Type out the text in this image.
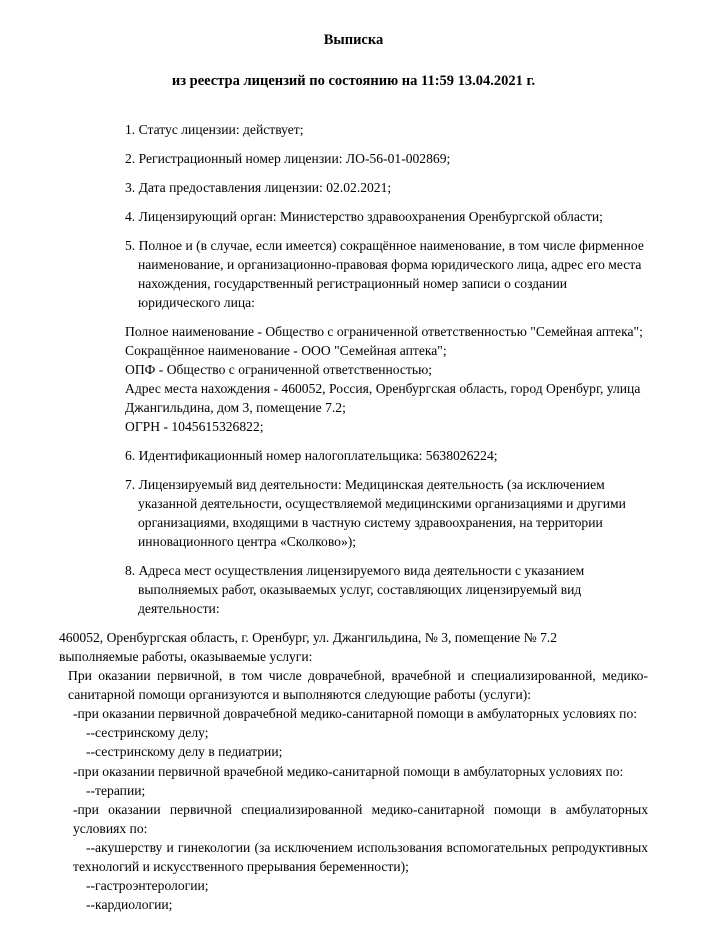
Выписка
из реестра лицензий по состоянию на 11:59 13.04.2021 г.

1. Статус лицензии: действует;

2. Регистрационный номер лицензии: ЛО-56-01-002869;

3. Дата предоставления лицензии: 02.02.2021;

4. Лицензирующий орган: Министерство здравоохранения Оренбургской области;

5. Полное и (в случае, если имеется) сокращённое наименование, в том числе фирменное наименование, и организационно-правовая форма юридического лица, адрес его места нахождения, государственный регистрационный номер записи о создании юридического лица:

Полное наименование - Общество с ограниченной ответственностью "Семейная аптека";

Сокращённое наименование - ООО "Семейная аптека";

ОПФ - Общество с ограниченной ответственностью;

Адрес места нахождения - 460052, Россия, Оренбургская область, город Оренбург, улица Джангильдина, дом 3, помещение 7.2;

ОГРН - 1045615326822;

6. Идентификационный номер налогоплательщика: 5638026224;

7. Лицензируемый вид деятельности: Медицинская деятельность (за исключением указанной деятельности, осуществляемой медицинскими организациями и другими организациями, входящими в частную систему здравоохранения, на территории инновационного центра «Сколково»);

8. Адреса мест осуществления лицензируемого вида деятельности с указанием выполняемых работ, оказываемых услуг, составляющих лицензируемый вид деятельности:

460052, Оренбургская область, г. Оренбург, ул. Джангильдина, № 3, помещение № 7.2

выполняемые работы, оказываемые услуги:

При оказании первичной, в том числе доврачебной, врачебной и специализированной, медико-санитарной помощи организуются и выполняются следующие работы (услуги):

-при оказании первичной доврачебной медико-санитарной помощи в амбулаторных условиях по:

--сестринскому делу;

--сестринскому делу в педиатрии;

-при оказании первичной врачебной медико-санитарной помощи в амбулаторных условиях по:

--терапии;

-при оказании первичной специализированной медико-санитарной помощи в амбулаторных условиях по:

--акушерству и гинекологии (за исключением использования вспомогательных репродуктивных технологий и искусственного прерывания беременности);

--гастроэнтерологии;

--кардиологии;
